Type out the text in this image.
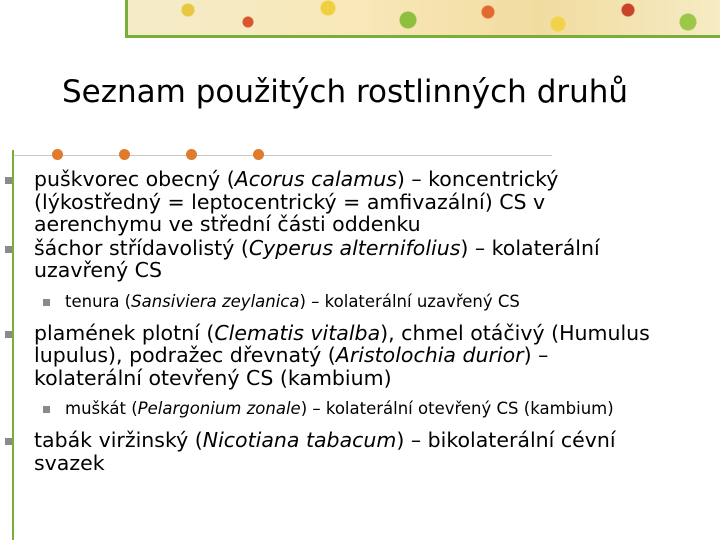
Seznam použitých rostlinných druhů
puškvorec obecný (Acorus calamus) – koncentrický (lýkostředný = leptocentrický = amfivazální) CS v aerenchymu ve střední části oddenku
šáchor střídavolistý (Cyperus alternifolius) – kolaterální uzavřený CS
tenura (Sansiviera zeylanica) – kolaterální uzavřený CS
plamének plotní (Clematis vitalba), chmel otáčivý (Humulus lupulus), podražec dřevnatý (Aristolochia durior) – kolaterální otevřený CS (kambium)
muškát (Pelargonium zonale) – kolaterální otevřený CS (kambium)
tabák viržinský (Nicotiana tabacum) – bikolaterální cévní svazek
